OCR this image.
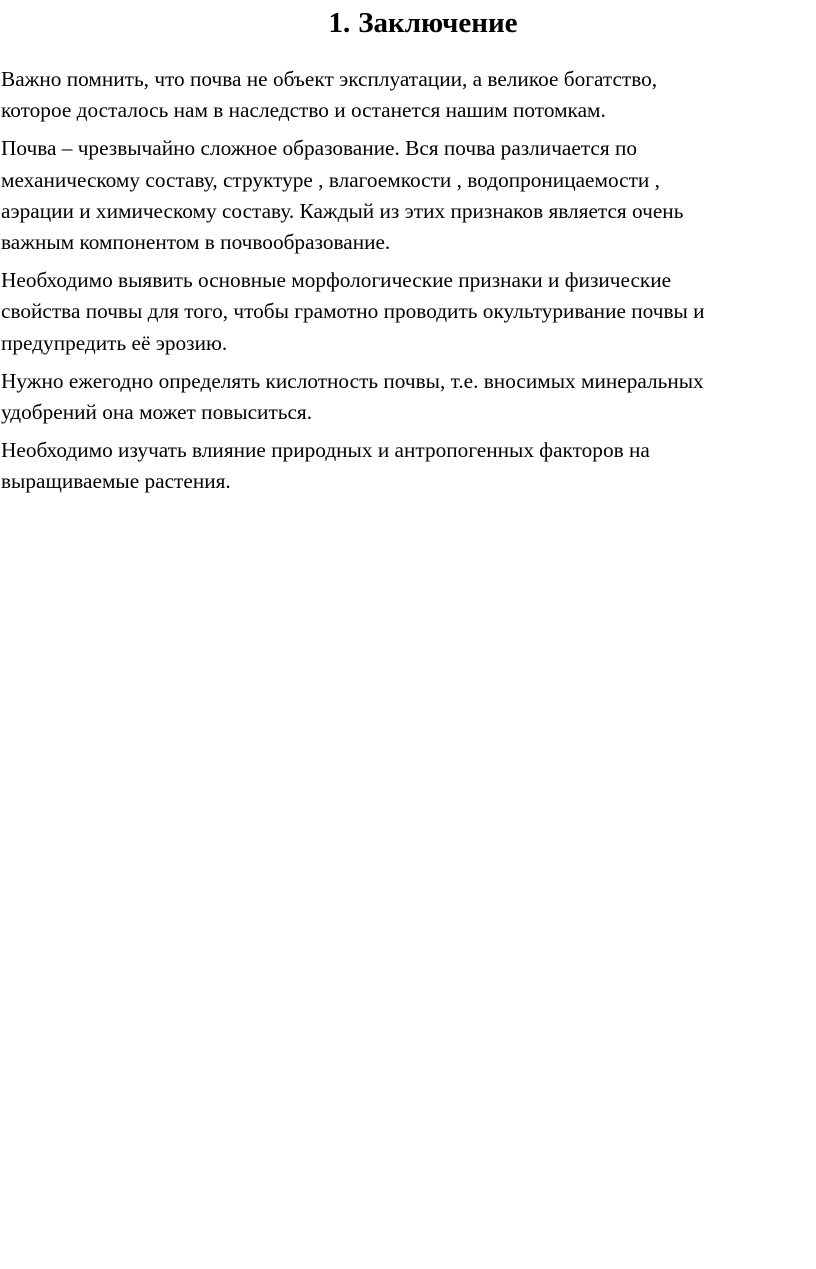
1. Заключение

Важно помнить, что почва не объект эксплуатации, а великое богатство,
которое досталось нам в наследство и останется нашим потомкам.

Почва – чрезвычайно сложное образование. Вся почва различается по
механическому составу, структуре , влагоемкости , водопроницаемости ,
аэрации и химическому составу. Каждый из этих признаков является очень
важным компонентом в почвообразование.

Необходимо выявить основные морфологические признаки и физические
свойства почвы для того, чтобы грамотно проводить окультуривание почвы и
предупредить её эрозию.

Нужно ежегодно определять кислотность почвы, т.е. вносимых минеральных
удобрений она может повыситься.

Необходимо изучать влияние природных и антропогенных факторов на
выращиваемые растения.
